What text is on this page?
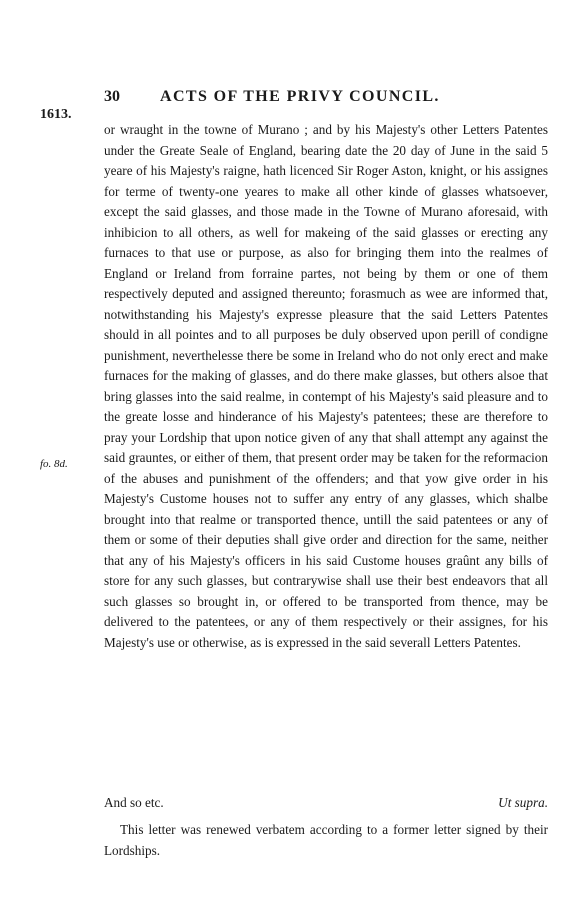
30	ACTS OF THE PRIVY COUNCIL.
1613.
fo. 8d.

or wraught in the towne of Murano ; and by his Majesty's other Letters Patentes under the Greate Seale of England, bearing date the 20 day of June in the said 5 yeare of his Majesty's raigne, hath licenced Sir Roger Aston, knight, or his assignes for terme of twenty-one yeares to make all other kinde of glasses whatsoever, except the said glasses, and those made in the Towne of Murano aforesaid, with inhibicion to all others, as well for makeing of the said glasses or erecting any furnaces to that use or purpose, as also for bringing them into the realmes of England or Ireland from forraine partes, not being by them or one of them respectively deputed and assigned thereunto; forasmuch as wee are informed that, notwithstanding his Majesty's expresse pleasure that the said Letters Patentes should in all pointes and to all purposes be duly observed upon perill of condigne punishment, neverthelesse there be some in Ireland who do not only erect and make furnaces for the making of glasses, and do there make glasses, but others alsoe that bring glasses into the said realme, in contempt of his Majesty's said pleasure and to the greate losse and hinderance of his Majesty's patentees; these are therefore to pray your Lordship that upon notice given of any that shall attempt any against the said grauntes, or either of them, that present order may be taken for the reformacion of the abuses and punishment of the offenders; and that yow give order in his Majesty's Custome houses not to suffer any entry of any glasses, which shalbe brought into that realme or transported thence, untill the said patentees or any of them or some of their deputies shall give order and direction for the same, neither that any of his Majesty's officers in his said Custome houses graûnt any bills of store for any such glasses, but contrarywise shall use their best endeavors that all such glasses so brought in, or offered to be transported from thence, may be delivered to the patentees, or any of them respectively or their assignes, for his Majesty's use or otherwise, as is expressed in the said severall Letters Patentes.

And so etc.	Ut supra.

This letter was renewed verbatem according to a former letter signed by their Lordships.
